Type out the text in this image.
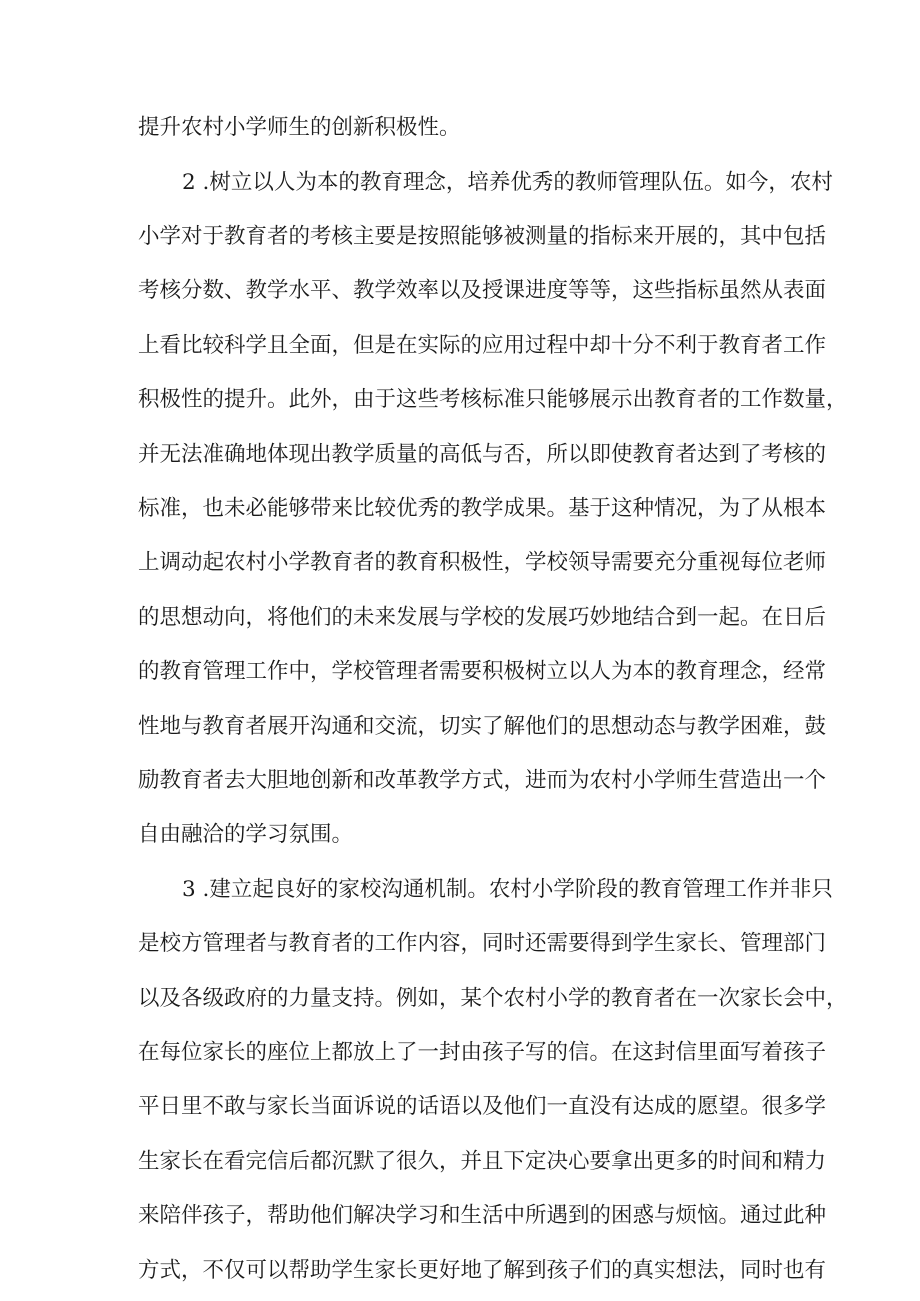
提升农村小学师生的创新积极性。
2 .树立以人为本的教育理念，培养优秀的教师管理队伍。如今，农村
小学对于教育者的考核主要是按照能够被测量的指标来开展的，其中包括
考核分数、教学水平、教学效率以及授课进度等等，这些指标虽然从表面
上看比较科学且全面，但是在实际的应用过程中却十分不利于教育者工作
积极性的提升。此外，由于这些考核标准只能够展示出教育者的工作数量，
并无法准确地体现出教学质量的高低与否，所以即使教育者达到了考核的
标准，也未必能够带来比较优秀的教学成果。基于这种情况，为了从根本
上调动起农村小学教育者的教育积极性，学校领导需要充分重视每位老师
的思想动向，将他们的未来发展与学校的发展巧妙地结合到一起。在日后
的教育管理工作中，学校管理者需要积极树立以人为本的教育理念，经常
性地与教育者展开沟通和交流，切实了解他们的思想动态与教学困难，鼓
励教育者去大胆地创新和改革教学方式，进而为农村小学师生营造出一个
自由融洽的学习氛围。
3 .建立起良好的家校沟通机制。农村小学阶段的教育管理工作并非只
是校方管理者与教育者的工作内容，同时还需要得到学生家长、管理部门
以及各级政府的力量支持。例如，某个农村小学的教育者在一次家长会中，
在每位家长的座位上都放上了一封由孩子写的信。在这封信里面写着孩子
平日里不敢与家长当面诉说的话语以及他们一直没有达成的愿望。很多学
生家长在看完信后都沉默了很久，并且下定决心要拿出更多的时间和精力
来陪伴孩子，帮助他们解决学习和生活中所遇到的困惑与烦恼。通过此种
方式，不仅可以帮助学生家长更好地了解到孩子们的真实想法，同时也有
